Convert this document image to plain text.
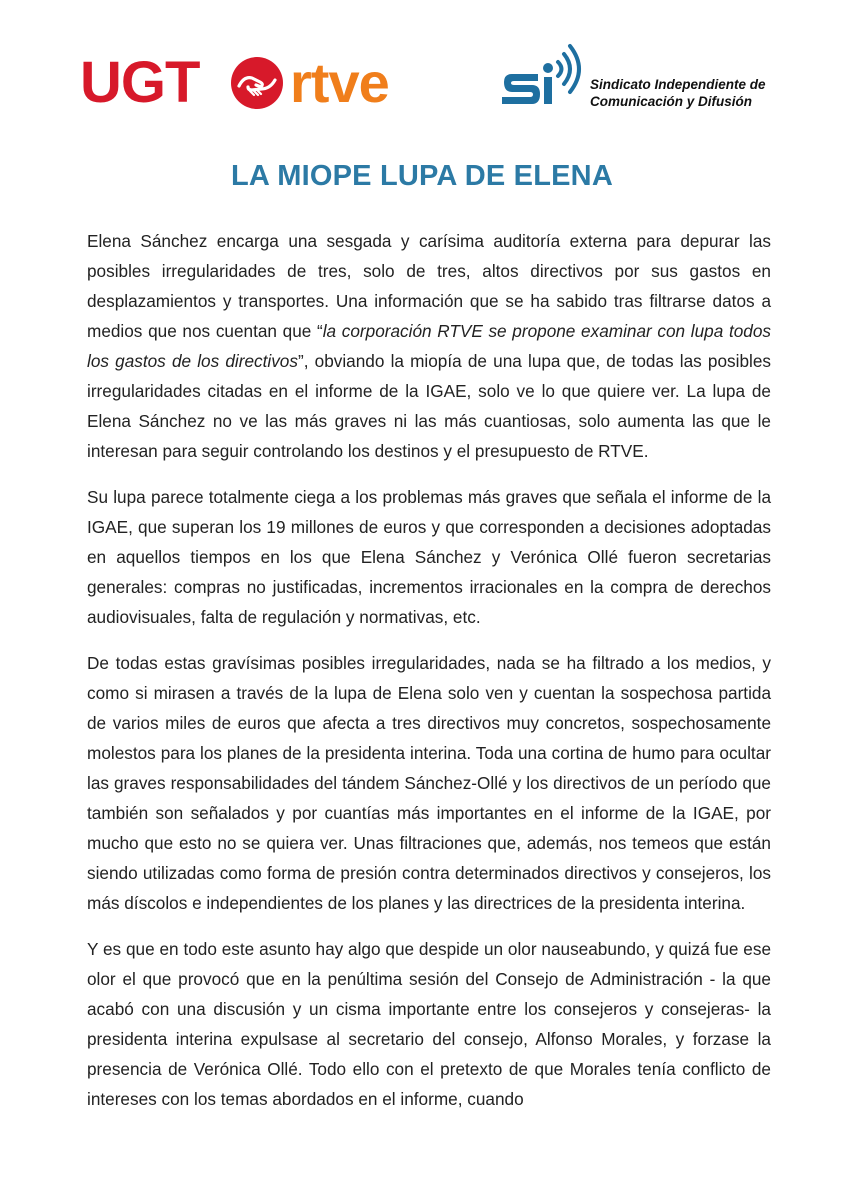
UGT rtve	Sindicato Independiente de Comunicación y Difusión
LA MIOPE LUPA DE ELENA

Elena Sánchez encarga una sesgada y carísima auditoría externa para depurar las posibles irregularidades de tres, solo de tres, altos directivos por sus gastos en desplazamientos y transportes. Una información que se ha sabido tras filtrarse datos a medios que nos cuentan que “la corporación RTVE se propone examinar con lupa todos los gastos de los directivos”, obviando la miopía de una lupa que, de todas las posibles irregularidades citadas en el informe de la IGAE, solo ve lo que quiere ver. La lupa de Elena Sánchez no ve las más graves ni las más cuantiosas, solo aumenta las que le interesan para seguir controlando los destinos y el presupuesto de RTVE.

Su lupa parece totalmente ciega a los problemas más graves que señala el informe de la IGAE, que superan los 19 millones de euros y que corresponden a decisiones adoptadas en aquellos tiempos en los que Elena Sánchez y Verónica Ollé fueron secretarias generales: compras no justificadas, incrementos irracionales en la compra de derechos audiovisuales, falta de regulación y normativas, etc.

De todas estas gravísimas posibles irregularidades, nada se ha filtrado a los medios, y como si mirasen a través de la lupa de Elena solo ven y cuentan la sospechosa partida de varios miles de euros que afecta a tres directivos muy concretos, sospechosamente molestos para los planes de la presidenta interina. Toda una cortina de humo para ocultar las graves responsabilidades del tándem Sánchez-Ollé y los directivos de un período que también son señalados y por cuantías más importantes en el informe de la IGAE, por mucho que esto no se quiera ver. Unas filtraciones que, además, nos temeos que están siendo utilizadas como forma de presión contra determinados directivos y consejeros, los más díscolos e independientes de los planes y las directrices de la presidenta interina.

Y es que en todo este asunto hay algo que despide un olor nauseabundo, y quizá fue ese olor el que provocó que en la penúltima sesión del Consejo de Administración - la que acabó con una discusión y un cisma importante entre los consejeros y consejeras- la presidenta interina expulsase al secretario del consejo, Alfonso Morales, y forzase la presencia de Verónica Ollé. Todo ello con el pretexto de que Morales tenía conflicto de intereses con los temas abordados en el informe, cuando
